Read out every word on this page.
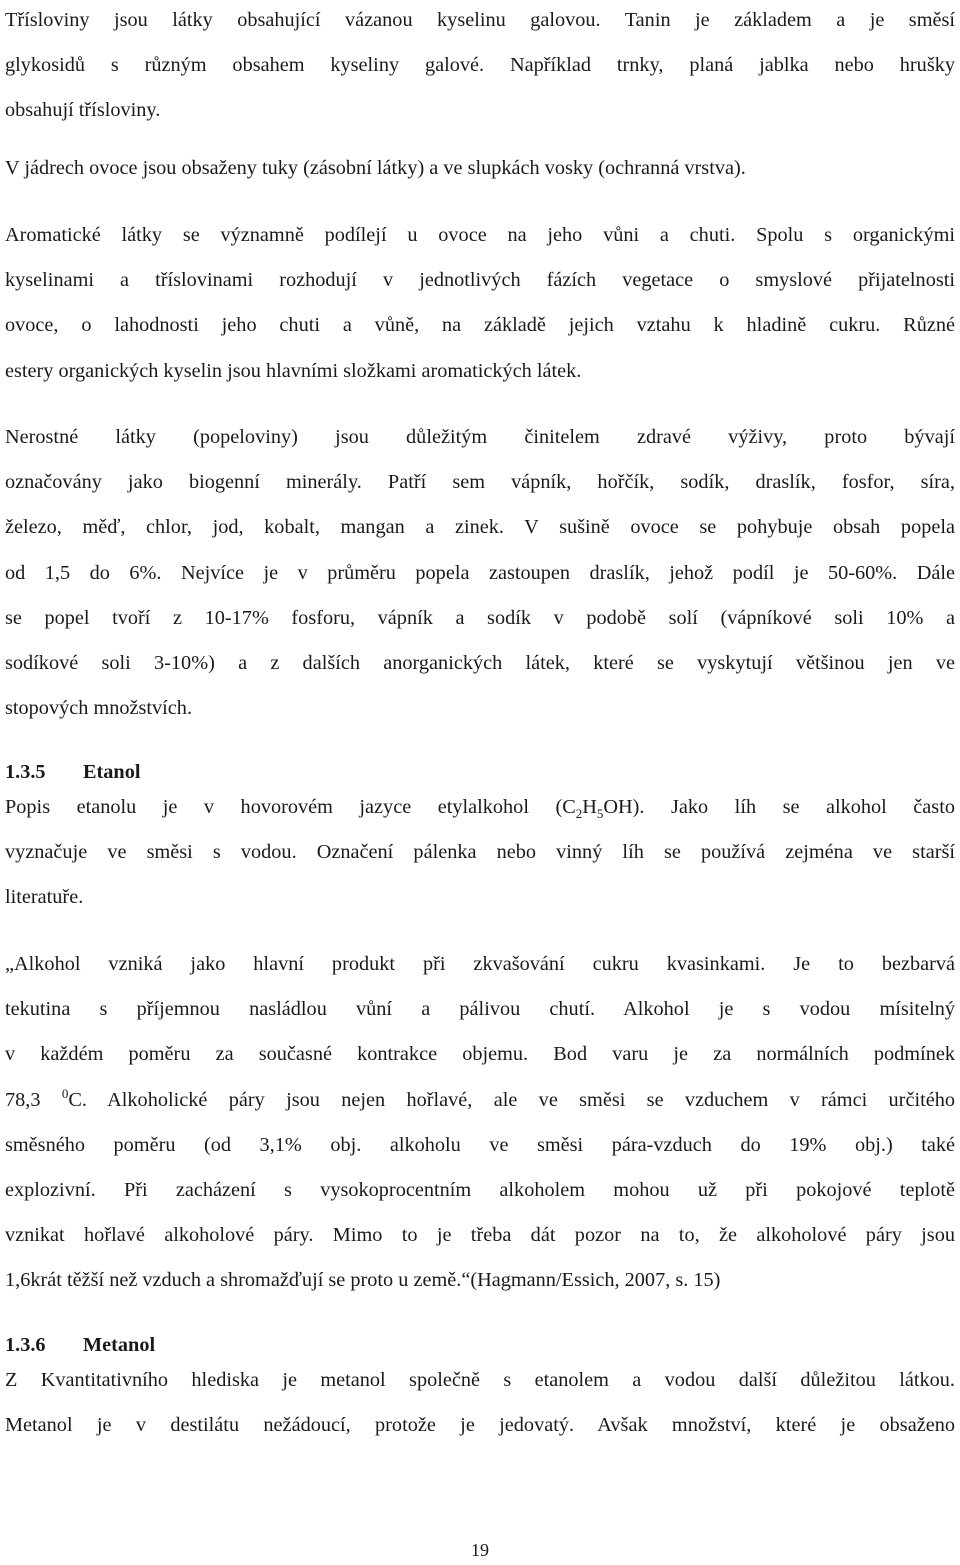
Třísloviny jsou látky obsahující vázanou kyselinu galovou. Tanin je základem a je směsí
glykosidů s různým obsahem kyseliny galové. Například trnky, planá jablka nebo hrušky
obsahují třísloviny.
V jádrech ovoce jsou obsaženy tuky (zásobní látky) a ve slupkách vosky (ochranná vrstva).
Aromatické látky se významně podílejí u ovoce na jeho vůni a chuti. Spolu s organickými
kyselinami a tříslovinami rozhodují v jednotlivých fázích vegetace o smyslové přijatelnosti
ovoce, o lahodnosti jeho chuti a vůně, na základě jejich vztahu k hladině cukru. Různé
estery organických kyselin jsou hlavními složkami aromatických látek.
Nerostné látky (popeloviny) jsou důležitým činitelem zdravé výživy, proto bývají
označovány jako biogenní minerály. Patří sem vápník, hořčík, sodík, draslík, fosfor, síra,
železo, měď, chlor, jod, kobalt, mangan a zinek. V sušině ovoce se pohybuje obsah popela
od 1,5 do 6%. Nejvíce je v průměru popela zastoupen draslík, jehož podíl je 50-60%. Dále
se popel tvoří z 10-17% fosforu, vápník a sodík v podobě solí (vápníkové soli 10% a
sodíkové soli 3-10%) a z dalších anorganických látek, které se vyskytují většinou jen ve
stopových množstvích.
1.3.5 Etanol
Popis etanolu je v hovorovém jazyce etylalkohol $(C_2H_5OH)$. Jako líh se alkohol často
vyznačuje ve směsi s vodou. Označení pálenka nebo vinný líh se používá zejména ve starší
literatuře.
„Alkohol vzniká jako hlavní produkt při zkvašování cukru kvasinkami. Je to bezbarvá
tekutina s příjemnou nasládlou vůní a pálivou chutí. Alkohol je s vodou mísitelný
v každém poměru za současné kontrakce objemu. Bod varu je za normálních podmínek
78,3 $^0$C. Alkoholické páry jsou nejen hořlavé, ale ve směsi se vzduchem v rámci určitého
směsného poměru (od 3,1% obj. alkoholu ve směsi pára-vzduch do 19% obj.) také
explozivní. Při zacházení s vysokoprocentním alkoholem mohou už při pokojové teplotě
vznikat hořlavé alkoholové páry. Mimo to je třeba dát pozor na to, že alkoholové páry jsou
1,6krát těžší než vzduch a shromažďují se proto u země.“(Hagmann/Essich, 2007, s. 15)
1.3.6 Metanol
Z Kvantitativního hlediska je metanol společně s etanolem a vodou další důležitou látkou.
Metanol je v destilátu nežádoucí, protože je jedovatý. Avšak množství, které je obsaženo
19
